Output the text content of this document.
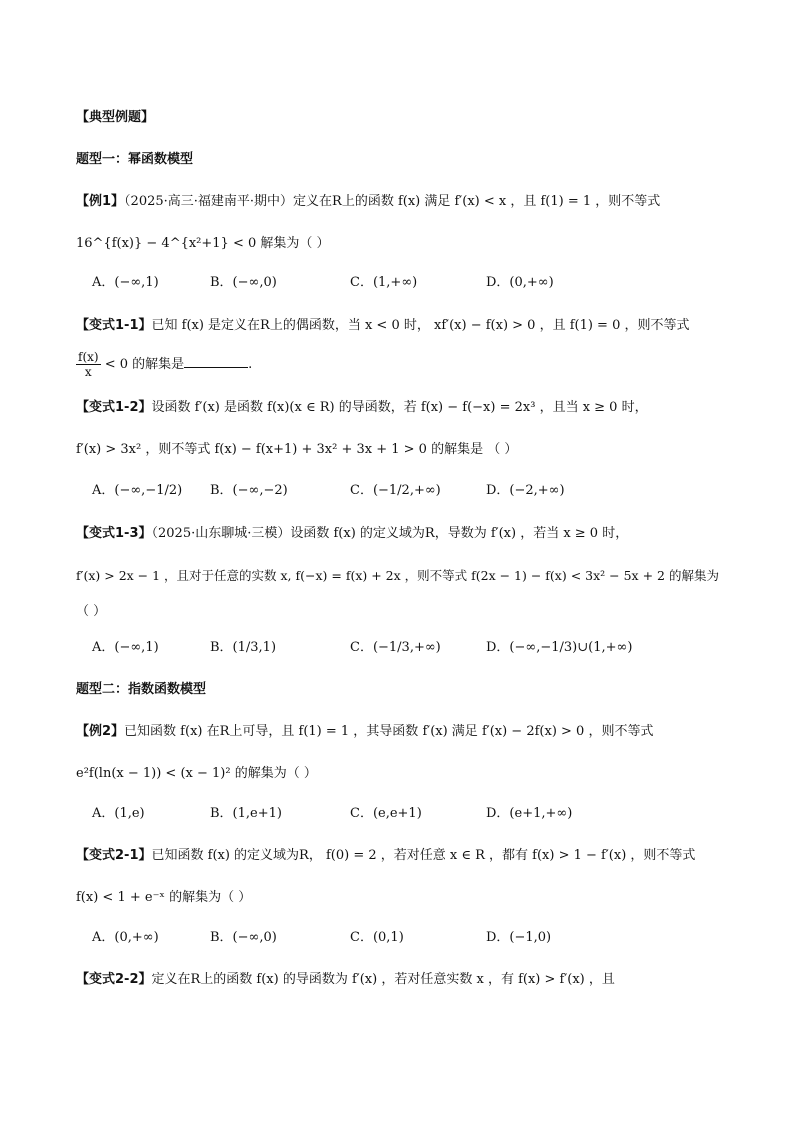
【典型例题】
题型一：幂函数模型
【例1】（2025·高三·福建南平·期中）定义在R上的函数 f(x) 满足 f′(x) < x ，且 f(1) = 1 ，则不等式
16^{f(x)} − 4^{x²+1} < 0 解集为（ ）
A．(−∞,1)	B．(−∞,0)	C．(1,+∞)	D．(0,+∞)
【变式1-1】已知 f(x) 是定义在R上的偶函数，当 x < 0 时， xf′(x) − f(x) > 0 ，且 f(1) = 0 ，则不等式
$\frac{f(x)}{x} < 0$ 的解集是	.
【变式1-2】设函数 f′(x) 是函数 f(x)(x ∈ R) 的导函数，若 f(x) − f(−x) = 2x³ ，且当 x ≥ 0 时，
f′(x) > 3x² ，则不等式 f(x) − f(x+1) + 3x² + 3x + 1 > 0 的解集是 （ ）
A．(−∞,−1/2) B．(−∞,−2)	C．(−1/2,+∞)	D．(−2,+∞)
【变式1-3】（2025·山东聊城·三模）设函数 f(x) 的定义域为R，导数为 f′(x) ，若当 x ≥ 0 时，
f′(x) > 2x − 1 ，且对于任意的实数 x, f(−x) = f(x) + 2x ，则不等式 f(2x − 1) − f(x) < 3x² − 5x + 2 的解集为
（ ）
A．(−∞,1)	B．(1/3,1)	C．(−1/3,+∞)	D．(−∞,−1/3)∪(1,+∞)
题型二：指数函数模型
【例2】已知函数 f(x) 在R上可导，且 f(1) = 1 ，其导函数 f′(x) 满足 f′(x) − 2f(x) > 0 ，则不等式
e²f(ln(x − 1)) < (x − 1)² 的解集为（ ）
A．(1,e)	B．(1,e+1)	C．(e,e+1)	D．(e+1,+∞)
【变式2-1】已知函数 f(x) 的定义域为R， f(0) = 2 ，若对任意 x ∈ R ，都有 f(x) > 1 − f′(x) ，则不等式
f(x) < 1 + e⁻ˣ 的解集为（ ）
A．(0,+∞)	B．(−∞,0)	C．(0,1)	D．(−1,0)
【变式2-2】定义在R上的函数 f(x) 的导函数为 f′(x) ，若对任意实数 x ，有 f(x) > f′(x) ，且
